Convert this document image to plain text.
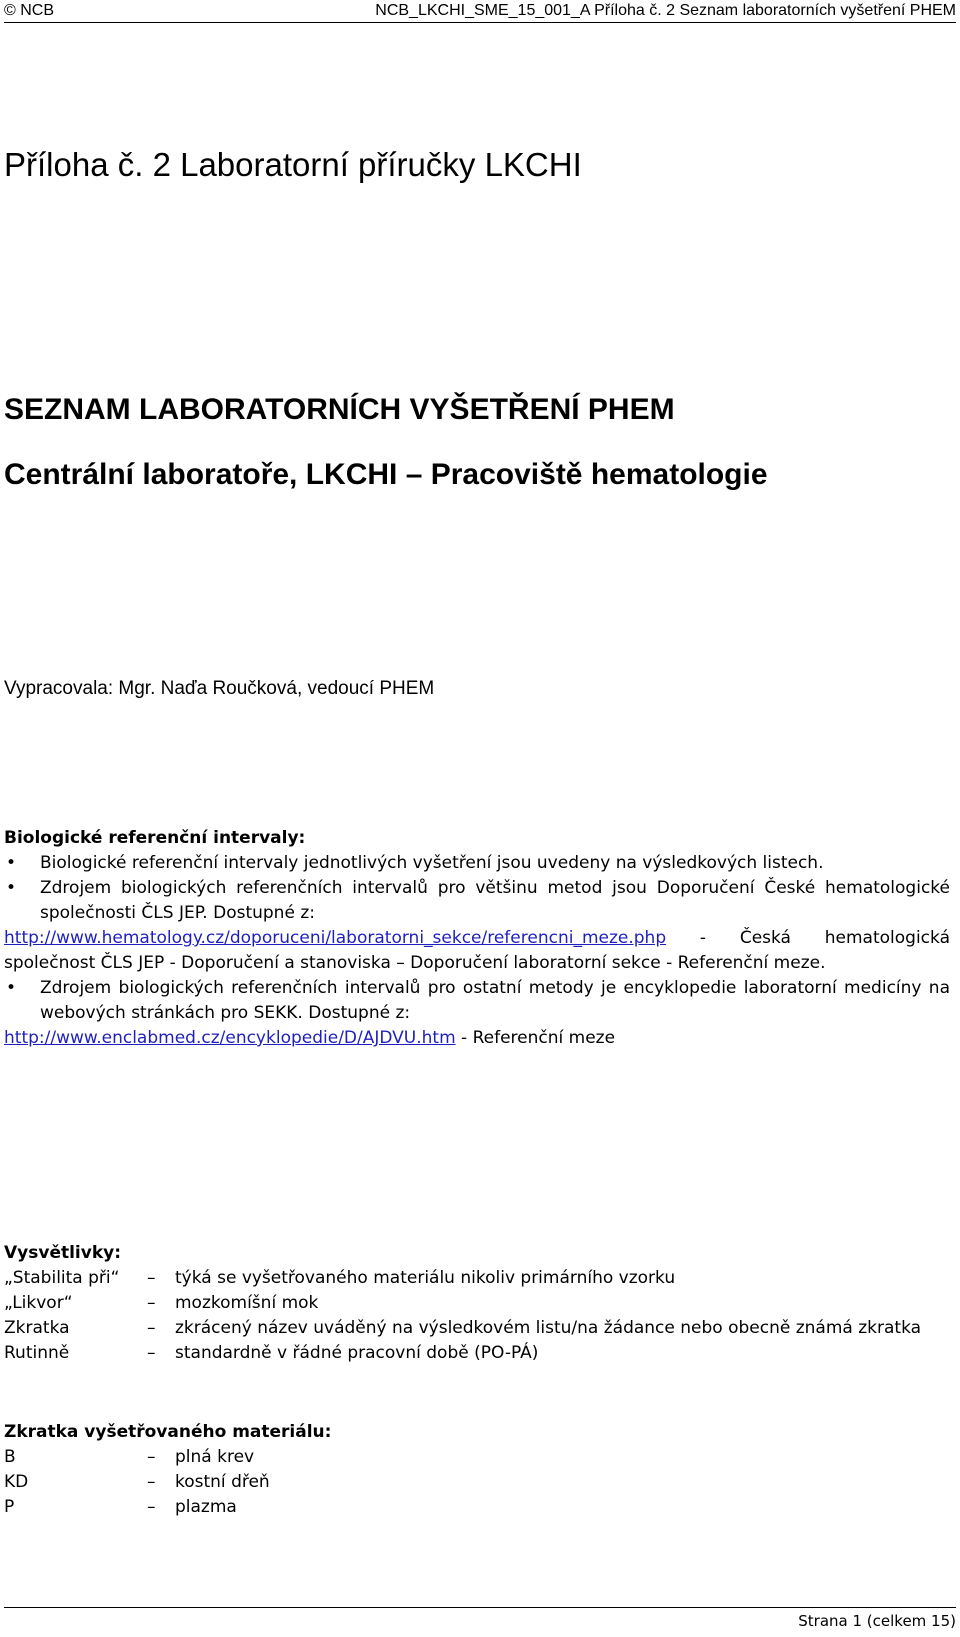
© NCB	NCB_LKCHI_SME_15_001_A Příloha č. 2 Seznam laboratorních vyšetření PHEM
Příloha č. 2 Laboratorní příručky LKCHI
SEZNAM LABORATORNÍCH VYŠETŘENÍ PHEM
Centrální laboratoře, LKCHI – Pracoviště hematologie
Vypracovala: Mgr. Naďa Roučková, vedoucí PHEM
Biologické referenční intervaly:
• Biologické referenční intervaly jednotlivých vyšetření jsou uvedeny na výsledkových listech.
• Zdrojem biologických referenčních intervalů pro většinu metod jsou Doporučení České hematologické společnosti ČLS JEP. Dostupné z:
http://www.hematology.cz/doporuceni/laboratorni_sekce/referencni_meze.php - Česká hematologická společnost ČLS JEP - Doporučení a stanoviska – Doporučení laboratorní sekce - Referenční meze.
• Zdrojem biologických referenčních intervalů pro ostatní metody je encyklopedie laboratorní medicíny na webových stránkách pro SEKK. Dostupné z:
http://www.enclabmed.cz/encyklopedie/D/AJDVU.htm - Referenční meze
Vysvětlivky:
„Stabilita při“ – týká se vyšetřovaného materiálu nikoliv primárního vzorku
„Likvor“	– mozkomíšní mok
Zkratka	– zkrácený název uváděný na výsledkovém listu/na žádance nebo obecně známá zkratka
Rutinně	– standardně v řádné pracovní době (PO-PÁ)
Zkratka vyšetřovaného materiálu:
B	– plná krev
KD	– kostní dřeň
P	– plazma
Strana 1 (celkem 15)
